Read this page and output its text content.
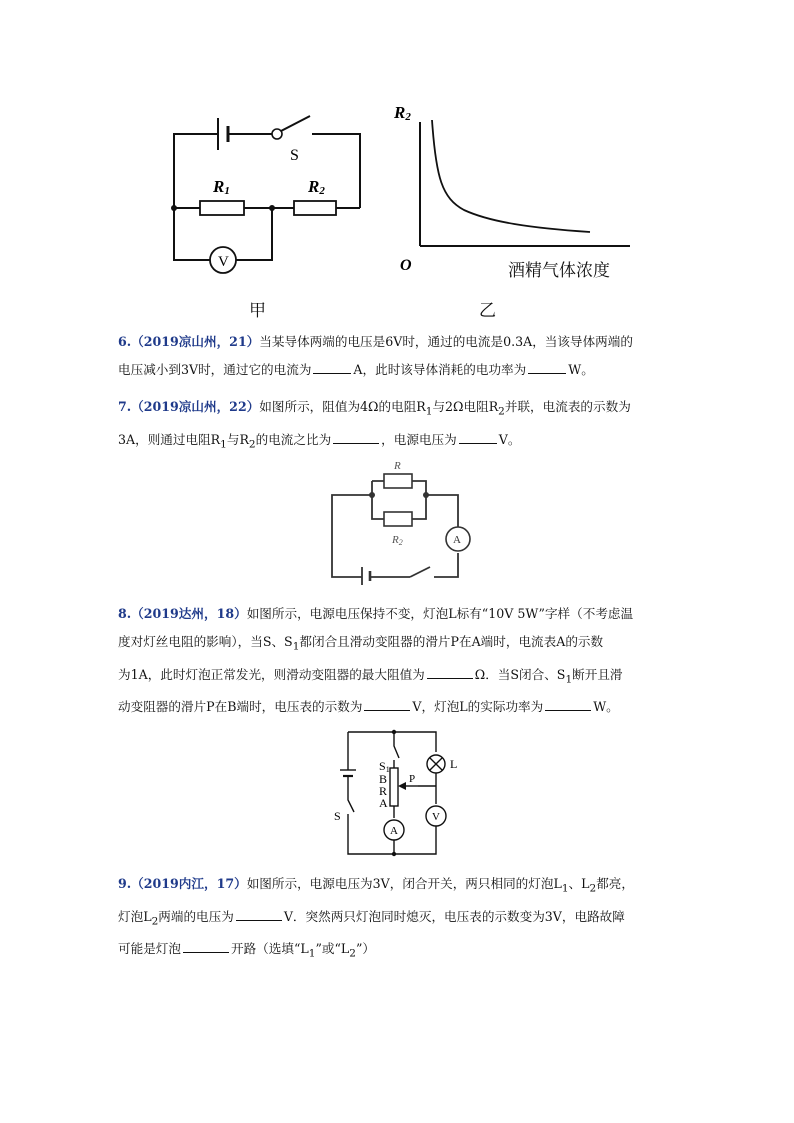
S
R1	R2
V
甲
R2
O	酒精气体浓度
乙

6.（2019凉山州，21）当某导体两端的电压是6V时，通过的电流是0.3A，当该导体两端的

电压减小到3V时，通过它的电流为	A，此时该导体消耗的电功率为	W。

7.（2019凉山州，22）如图所示，阻值为4Ω的电阻$R_1$与2Ω电阻$R_2$并联，电流表的示数为

3A，则通过电阻$R_1$与$R_2$的电流之比为	，电源电压为	V。

R
R2	A

8.（2019达州，18）如图所示，电源电压保持不变，灯泡L标有“10V 5W”字样（不考虑温

度对灯丝电阻的影响），当S、$S_1$都闭合且滑动变阻器的滑片P在A端时，电流表A的示数

为1A，此时灯泡正常发光，则滑动变阻器的最大阻值为	Ω．当S闭合、$S_1$断开且滑

动变阻器的滑片P在B端时，电压表的示数为	V，灯泡L的实际功率为	W。

S1
B
R
A
P
L
S
A
V

9.（2019内江，17）如图所示，电源电压为3V，闭合开关，两只相同的灯泡$L_1$、$L_2$都亮，

灯泡$L_2$两端的电压为	V．突然两只灯泡同时熄灭，电压表的示数变为3V，电路故障

可能是灯泡	开路（选填“$L_1$”或“$L_2$”）
